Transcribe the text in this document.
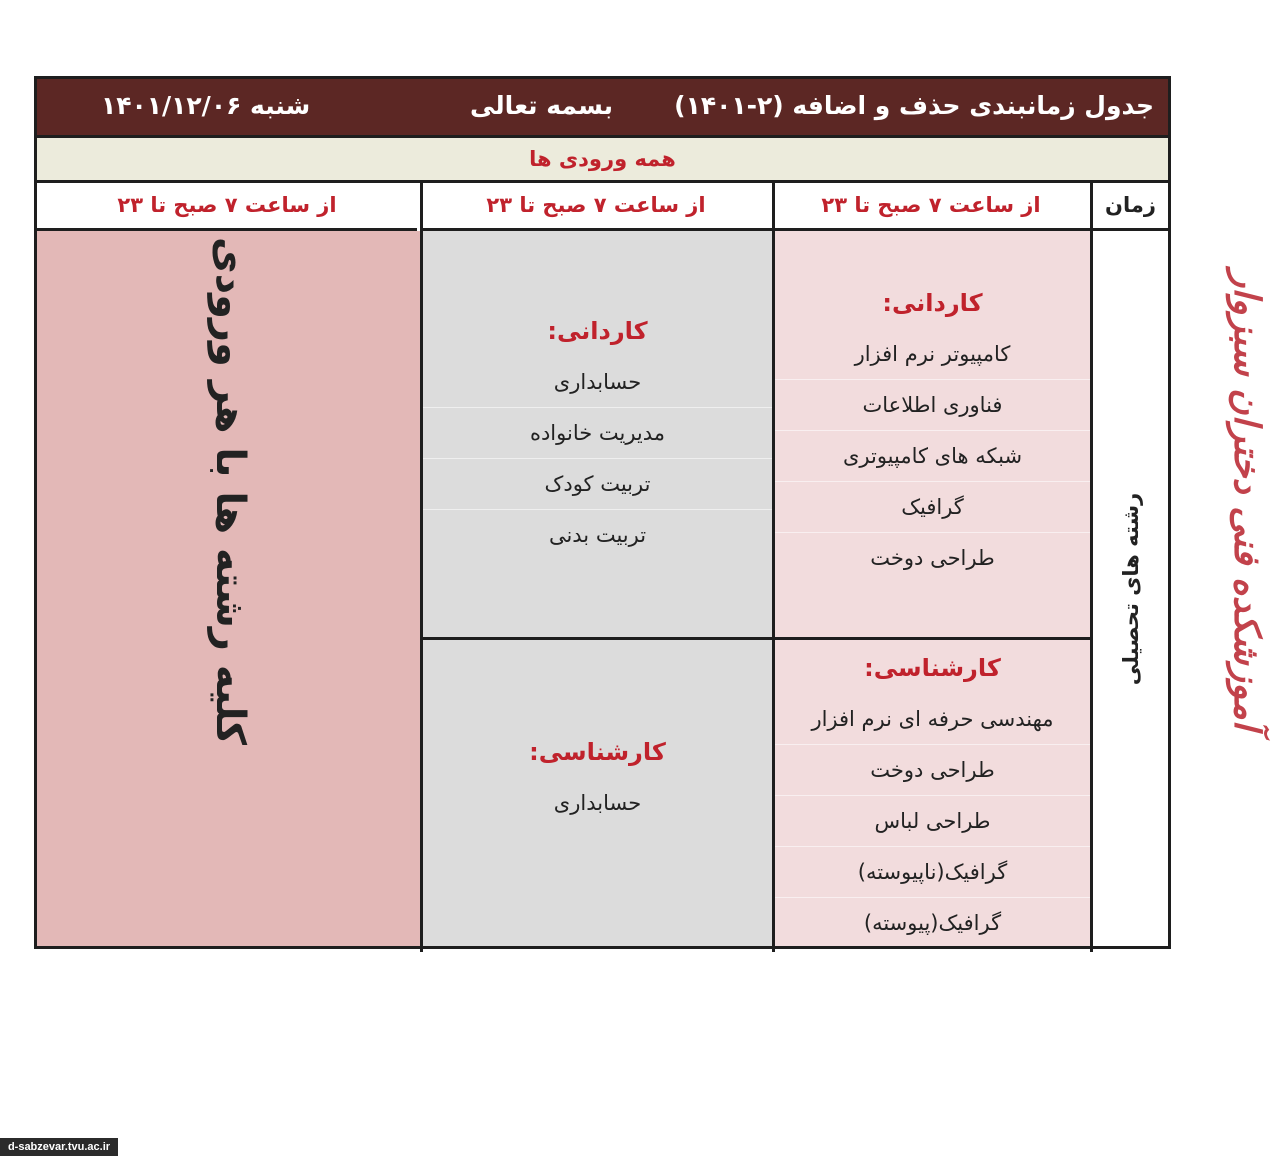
جدول زمانبندی حذف و اضافه (۲-۱۴۰۱)
بسمه تعالی
شنبه ۱۴۰۱/۱۲/۰۶
همه ورودی ها
زمان
از ساعت ۷ صبح تا ۲۳
از ساعت ۷ صبح تا ۲۳
از ساعت ۷ صبح تا ۲۳
رشته های تحصیلی
کاردانی:
کامپیوتر نرم افزار
فناوری اطلاعات
شبکه های کامپیوتری
گرافیک
طراحی دوخت
کارشناسی:
مهندسی حرفه ای نرم افزار
طراحی دوخت
طراحی لباس
گرافیک(ناپیوسته)
گرافیک(پیوسته)
کاردانی:
حسابداری
مدیریت خانواده
تربیت کودک
تربیت بدنی
کارشناسی:
حسابداری
کلیه رشته ها با هر ورودی	آموزشکده فنی دختران سبزوار
d-sabzevar.tvu.ac.ir
